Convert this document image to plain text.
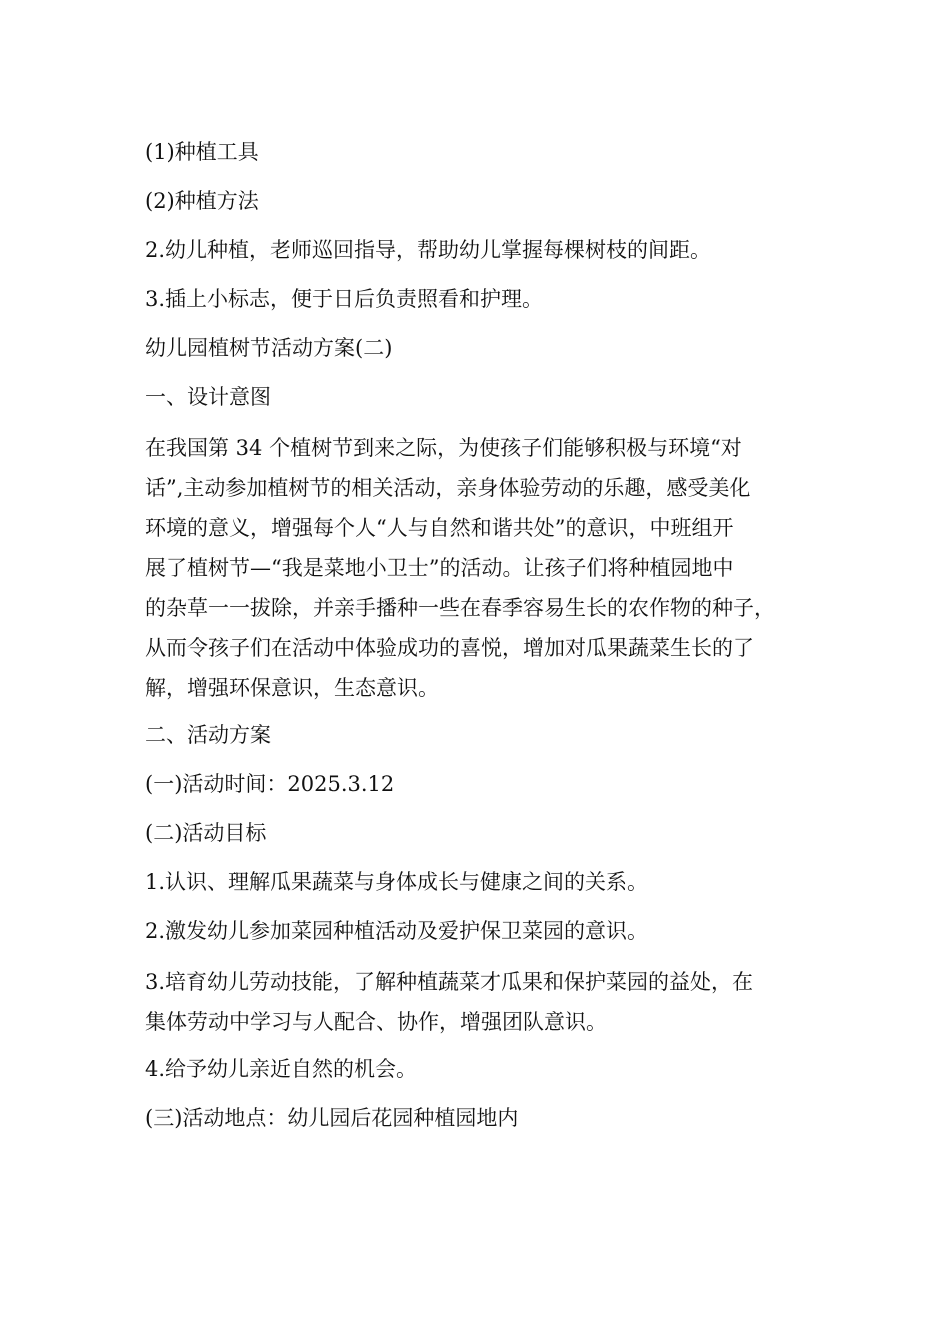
(1)种植工具
(2)种植方法
2.幼儿种植，老师巡回指导，帮助幼儿掌握每棵树枝的间距。
3.插上小标志，便于日后负责照看和护理。
幼儿园植树节活动方案(二)
一、设计意图
在我国第 34 个植树节到来之际，为使孩子们能够积极与环境“对
话”,主动参加植树节的相关活动，亲身体验劳动的乐趣，感受美化
环境的意义，增强每个人“人与自然和谐共处”的意识，中班组开
展了植树节—“我是菜地小卫士”的活动。让孩子们将种植园地中
的杂草一一拔除，并亲手播种一些在春季容易生长的农作物的种子，
从而令孩子们在活动中体验成功的喜悦，增加对瓜果蔬菜生长的了
解，增强环保意识，生态意识。
二、活动方案
(一)活动时间：2025.3.12
(二)活动目标
1.认识、理解瓜果蔬菜与身体成长与健康之间的关系。
2.激发幼儿参加菜园种植活动及爱护保卫菜园的意识。
3.培育幼儿劳动技能，了解种植蔬菜才瓜果和保护菜园的益处，在
集体劳动中学习与人配合、协作，增强团队意识。
4.给予幼儿亲近自然的机会。
(三)活动地点：幼儿园后花园种植园地内
